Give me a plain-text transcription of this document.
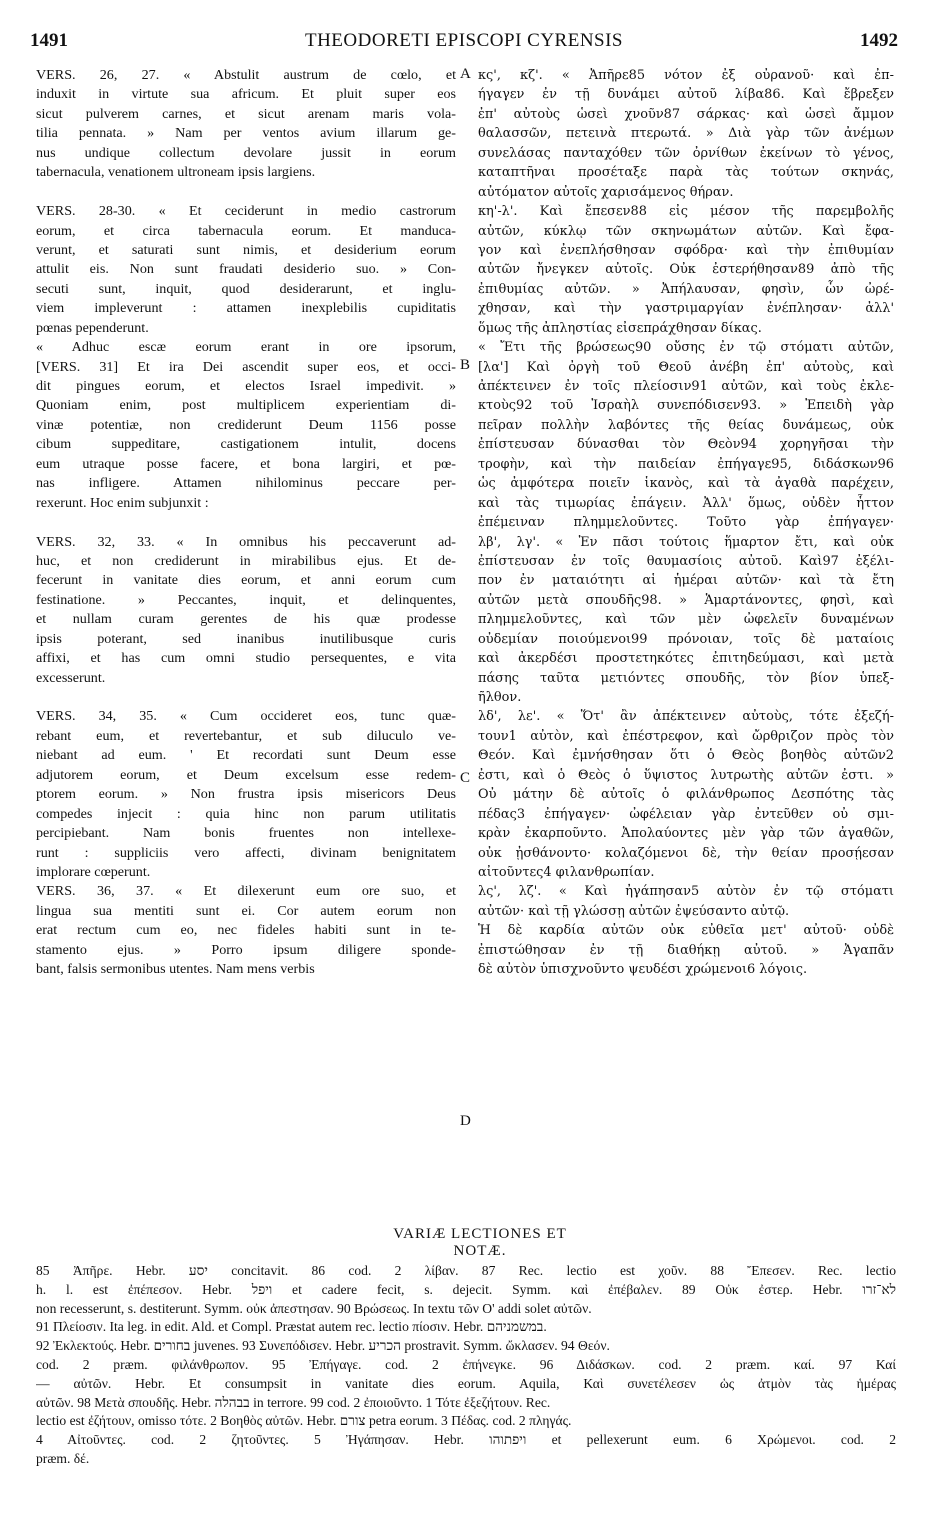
1491	THEODORETI EPISCOPI CYRENSIS	1492
VERS. 26, 27. « Abstulit austrum de cœlo, et
induxit in virtute sua africum. Et pluit super eos
sicut pulverem carnes, et sicut arenam maris vola-
tilia pennata. » Nam per ventos avium illarum ge-
nus undique collectum devolare jussit in eorum
tabernacula, venationem ultroneam ipsis largiens.
VERS. 28-30. « Et ceciderunt in medio castrorum
eorum, et circa tabernacula eorum. Et manduca-
verunt, et saturati sunt nimis, et desiderium eorum
attulit eis. Non sunt fraudati desiderio suo. » Con-
secuti sunt, inquit, quod desiderarunt, et inglu-
viem impleverunt : attamen inexplebilis cupiditatis
pœnas pependerunt.
« Adhuc escæ eorum erant in ore ipsorum,
[VERS. 31] Et ira Dei ascendit super eos, et occi-
dit pingues eorum, et electos Israel impedivit. »
Quoniam enim, post multiplicem experientiam di-
vinæ potentiæ, non crediderunt Deum 1156 posse
cibum suppeditare, castigationem intulit, docens
eum utraque posse facere, et bona largiri, et pœ-
nas infligere. Attamen nihilominus peccare per-
rexerunt. Hoc enim subjunxit :
VERS. 32, 33. « In omnibus his peccaverunt ad-
huc, et non crediderunt in mirabilibus ejus. Et de-
fecerunt in vanitate dies eorum, et anni eorum cum
festinatione. » Peccantes, inquit, et delinquentes,
et nullam curam gerentes de his quæ prodesse
ipsis poterant, sed inanibus inutilibusque curis
affixi, et has cum omni studio persequentes, e vita
excesserunt.
VERS. 34, 35. « Cum occideret eos, tunc quæ-
rebant eum, et revertebantur, et sub diluculo ve-
niebant ad eum. ' Et recordati sunt Deum esse
adjutorem eorum, et Deum excelsum esse redem-
ptorem eorum. » Non frustra ipsis misericors Deus
compedes injecit : quia hinc non parum utilitatis
percipiebant. Nam bonis fruentes non intellexe-
runt : suppliciis vero affecti, divinam benignitatem
implorare cœperunt.
VERS. 36, 37. « Et dilexerunt eum ore suo, et
lingua sua mentiti sunt ei. Cor autem eorum non
erat rectum cum eo, nec fideles habiti sunt in te-
stamento ejus. » Porro ipsum diligere sponde-
bant, falsis sermonibus utentes. Nam mens verbis
κς', κζ'. « Ἀπῆρε85 νότον ἐξ οὐρανοῦ· καὶ ἐπ-
ήγαγεν ἐν τῇ δυνάμει αὐτοῦ λίβα86. Καὶ ἔβρεξεν
ἐπ' αὐτοὺς ὡσεὶ χνοῦν87 σάρκας· καὶ ὡσεὶ ἄμμον
θαλασσῶν, πετεινὰ πτερωτά. » Διὰ γὰρ τῶν ἀνέμων
συνελάσας πανταχόθεν τῶν ὀρνίθων ἐκείνων τὸ γένος,
καταπτῆναι προσέταξε παρὰ τὰς τούτων σκηνάς,
αὐτόματον αὐτοῖς χαρισάμενος θήραν.
κη'-λ'. Καὶ ἔπεσεν88 εἰς μέσον τῆς παρεμβολῆς
αὐτῶν, κύκλῳ τῶν σκηνωμάτων αὐτῶν. Καὶ ἔφα-
γον καὶ ἐνεπλήσθησαν σφόδρα· καὶ τὴν ἐπιθυμίαν
αὐτῶν ἤνεγκεν αὐτοῖς. Οὐκ ἐστερήθησαν89 ἀπὸ τῆς
ἐπιθυμίας αὐτῶν. » Ἀπήλαυσαν, φησὶν, ὧν ὠρέ-
χθησαν, καὶ τὴν γαστριμαργίαν ἐνέπλησαν· ἀλλ'
ὅμως τῆς ἀπληστίας εἰσεπράχθησαν δίκας.
« Ἔτι τῆς βρώσεως90 οὔσης ἐν τῷ στόματι αὐτῶν,
[λα'] Καὶ ὀργὴ τοῦ Θεοῦ ἀνέβη ἐπ' αὐτοὺς, καὶ
ἀπέκτεινεν ἐν τοῖς πλείοσιν91 αὐτῶν, καὶ τοὺς ἐκλε-
κτοὺς92 τοῦ Ἰσραὴλ συνεπόδισεν93. » Ἐπειδὴ γὰρ
πεῖραν πολλὴν λαβόντες τῆς θείας δυνάμεως, οὐκ
ἐπίστευσαν δύνασθαι τὸν Θεὸν94 χορηγῆσαι τὴν
τροφὴν, καὶ τὴν παιδείαν ἐπήγαγε95, διδάσκων96
ὡς ἀμφότερα ποιεῖν ἱκανὸς, καὶ τὰ ἀγαθὰ παρέχειν,
καὶ τὰς τιμωρίας ἐπάγειν. Ἀλλ' ὅμως, οὐδὲν ἧττον
ἐπέμειναν πλημμελοῦντες. Τοῦτο γὰρ ἐπήγαγεν·
λβ', λγ'. « Ἐν πᾶσι τούτοις ἥμαρτον ἔτι, καὶ οὐκ
ἐπίστευσαν ἐν τοῖς θαυμασίοις αὐτοῦ. Καὶ97 ἐξέλι-
πον ἐν ματαιότητι αἱ ἡμέραι αὐτῶν· καὶ τὰ ἔτη
αὐτῶν μετὰ σπουδῆς98. » Ἁμαρτάνοντες, φησὶ, καὶ
πλημμελοῦντες, καὶ τῶν μὲν ὠφελεῖν δυναμένων
οὐδεμίαν ποιούμενοι99 πρόνοιαν, τοῖς δὲ ματαίοις
καὶ ἀκερδέσι προστετηκότες ἐπιτηδεύμασι, καὶ μετὰ
πάσης ταῦτα μετιόντες σπουδῆς, τὸν βίον ὑπεξ-
ῆλθον.
λδ', λε'. « Ὅτ' ἂν ἀπέκτεινεν αὐτοὺς, τότε ἐξεζή-
τουν1 αὐτὸν, καὶ ἐπέστρεφον, καὶ ὤρθριζον πρὸς τὸν
Θεόν. Καὶ ἐμνήσθησαν ὅτι ὁ Θεὸς βοηθὸς αὐτῶν2
ἐστι, καὶ ὁ Θεὸς ὁ ὕψιστος λυτρωτὴς αὐτῶν ἐστι. »
Οὐ μάτην δὲ αὐτοῖς ὁ φιλάνθρωπος Δεσπότης τὰς
πέδας3 ἐπήγαγεν· ὠφέλειαν γὰρ ἐντεῦθεν οὐ σμι-
κρὰν ἐκαρποῦντο. Ἀπολαύοντες μὲν γὰρ τῶν ἀγαθῶν,
οὐκ ᾐσθάνοντο· κολαζόμενοι δὲ, τὴν θείαν προσῄεσαν
αἰτοῦντες4 φιλανθρωπίαν.
λς', λζ'. « Καὶ ἠγάπησαν5 αὐτὸν ἐν τῷ στόματι
αὐτῶν· καὶ τῇ γλώσσῃ αὐτῶν ἐψεύσαντο αὐτῷ.
Ἡ δὲ καρδία αὐτῶν οὐκ εὐθεῖα μετ' αὐτοῦ· οὐδὲ
ἐπιστώθησαν ἐν τῇ διαθήκῃ αὐτοῦ. » Ἀγαπᾶν
δὲ αὐτὸν ὑπισχνοῦντο ψευδέσι χρώμενοι6 λόγοις.
A
B
C
D
VARIÆ LECTIONES ET NOTÆ.
85 Ἀπῆρε. Hebr. יסע concitavit. 86 cod. 2 λίβαν. 87 Rec. lectio est χοῦν. 88 Ἔπεσεν. Rec. lectio
h. l. est ἐπέπεσον. Hebr. ויפל et cadere fecit, s. dejecit. Symm. καὶ ἐπέβαλεν. 89 Οὐκ ἐστερ. Hebr. לא־זרו
non recesserunt, s. destiterunt. Symm. οὐκ ἀπεστησαν. 90 Βρώσεως. In textu τῶν Ο' addi solet αὐτῶν.
91 Πλείοσιν. Ita leg. in edit. Ald. et Compl. Præstat autem rec. lectio πίοσιν. Hebr. במשמניהם.
92 Ἐκλεκτούς. Hebr. בחורים juvenes. 93 Συνεπόδισεν. Hebr. הכריע prostravit. Symm. ὤκλασεν. 94 Θεόν.
cod. 2 præm. φιλάνθρωπον. 95 Ἐπήγαγε. cod. 2 ἐπήνεγκε. 96 Διδάσκων. cod. 2 præm. καί. 97 Καί
— αὐτῶν. Hebr. Et consumpsit in vanitate dies eorum. Aquila, Καὶ συνετέλεσεν ὡς ἀτμὸν τὰς ἡμέρας
αὐτῶν. 98 Μετὰ σπουδῆς. Hebr. בבהלה in terrore. 99 cod. 2 ἐποιοῦντο. 1 Τότε ἐξεζήτουν. Rec.
lectio est ἐζήτουν, omisso τότε. 2 Βοηθὸς αὐτῶν. Hebr. צורם petra eorum. 3 Πέδας. cod. 2 πληγάς.
4 Αἰτοῦντες. cod. 2 ζητοῦντες. 5 Ἠγάπησαν. Hebr. ויפתוהו et pellexerunt eum. 6 Χρώμενοι. cod. 2
præm. δέ.
